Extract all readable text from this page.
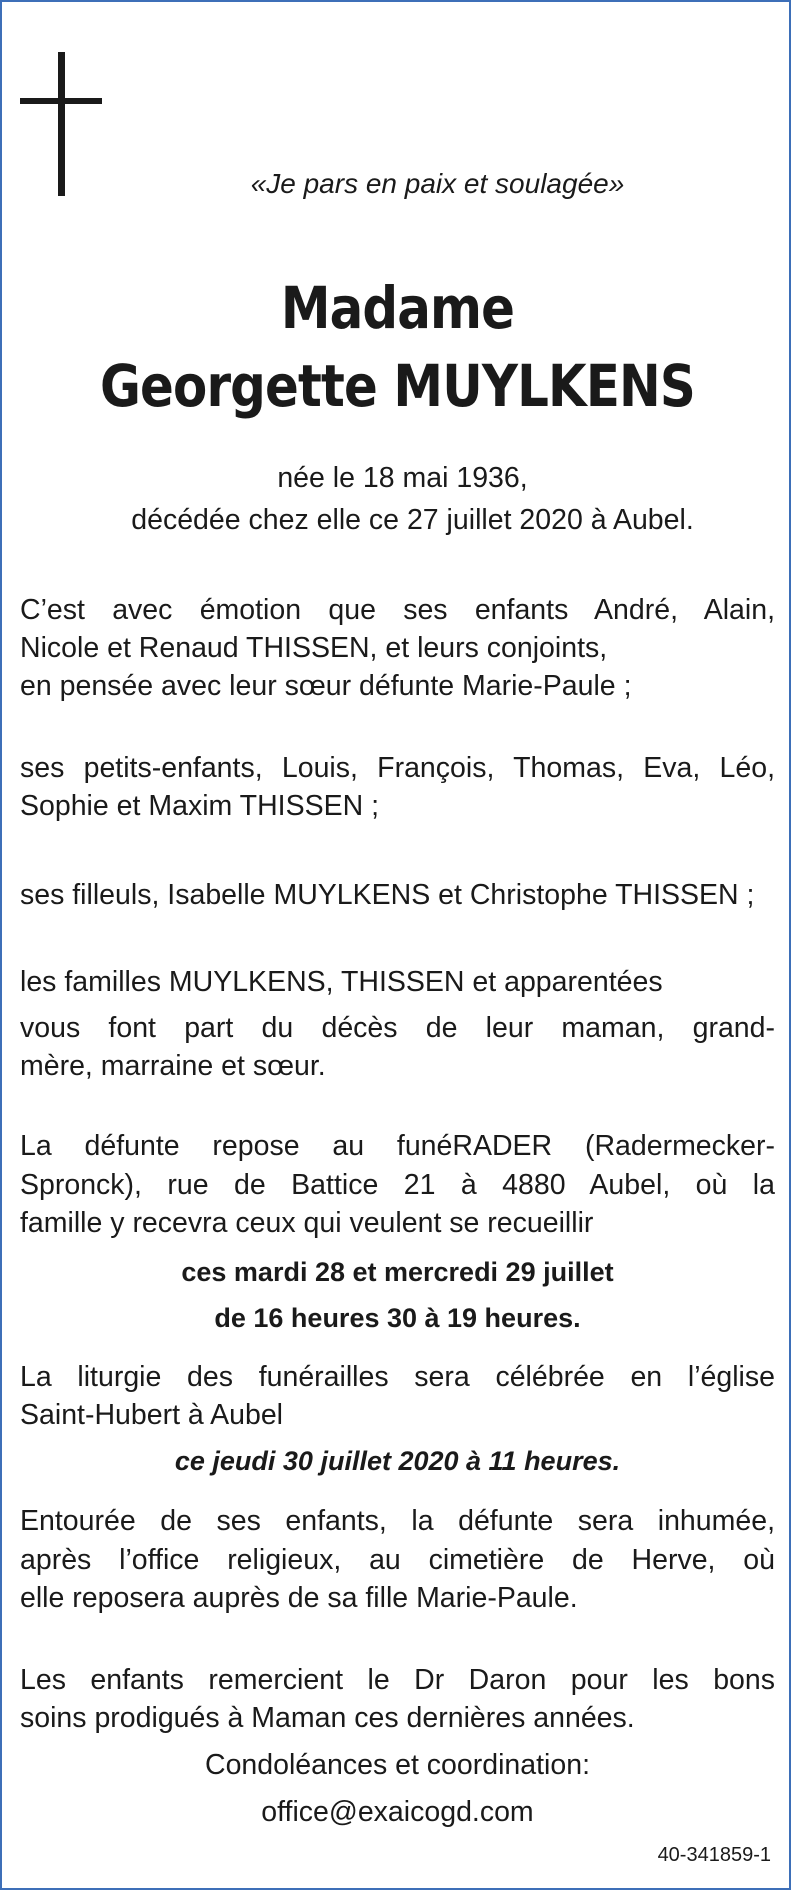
«Je pars en paix et soulagée»
Madame
Georgette MUYLKENS
née le 18 mai 1936,
décédée chez elle ce 27 juillet 2020 à Aubel.
C’est avec émotion que ses enfants André, Alain,
Nicole et Renaud THISSEN, et leurs conjoints,
en pensée avec leur sœur défunte Marie-Paule ;
ses petits-enfants, Louis, François, Thomas, Eva, Léo,
Sophie et Maxim THISSEN ;
ses filleuls, Isabelle MUYLKENS et Christophe THISSEN ;
les familles MUYLKENS, THISSEN et apparentées
vous font part du décès de leur maman, grand-
mère, marraine et sœur.
La défunte repose au funéRADER (Radermecker-
Spronck), rue de Battice 21 à 4880 Aubel, où la
famille y recevra ceux qui veulent se recueillir
ces mardi 28 et mercredi 29 juillet
de 16 heures 30 à 19 heures.
La liturgie des funérailles sera célébrée en l’église
Saint-Hubert à Aubel
ce jeudi 30 juillet 2020 à 11 heures.
Entourée de ses enfants, la défunte sera inhumée,
après l’office religieux, au cimetière de Herve, où
elle reposera auprès de sa fille Marie-Paule.
Les enfants remercient le Dr Daron pour les bons
soins prodigués à Maman ces dernières années.
Condoléances et coordination:
office@exaicogd.com
40-341859-1
